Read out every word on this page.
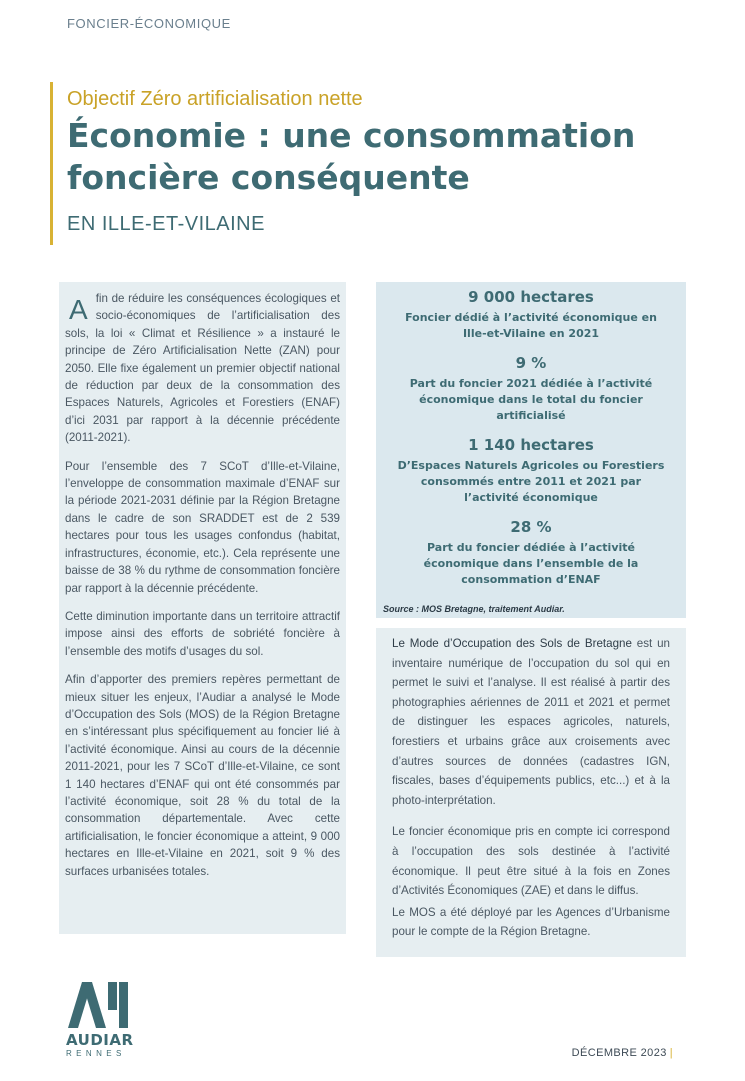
FONCIER-ÉCONOMIQUE
Objectif Zéro artificialisation nette
Économie : une consommation
foncière conséquente
EN ILLE-ET-VILAINE

Afin de réduire les conséquences écologiques et socio-économiques de l’artificialisation des sols, la loi « Climat et Résilience » a instauré le principe de Zéro Artificialisation Nette (ZAN) pour 2050. Elle fixe également un premier objectif national de réduction par deux de la consommation des Espaces Naturels, Agricoles et Forestiers (ENAF) d’ici 2031 par rapport à la décennie précédente (2011-2021).

Pour l’ensemble des 7 SCoT d’Ille-et-Vilaine, l’enveloppe de consommation maximale d’ENAF sur la période 2021-2031 définie par la Région Bretagne dans le cadre de son SRADDET est de 2 539 hectares pour tous les usages confondus (habitat, infrastructures, économie, etc.). Cela représente une baisse de 38 % du rythme de consommation foncière par rapport à la décennie précédente.

Cette diminution importante dans un territoire attractif impose ainsi des efforts de sobriété foncière à l’ensemble des motifs d’usages du sol.

Afin d’apporter des premiers repères permettant de mieux situer les enjeux, l’Audiar a analysé le Mode d’Occupation des Sols (MOS) de la Région Bretagne en s’intéressant plus spécifiquement au foncier lié à l’activité économique. Ainsi au cours de la décennie 2011-2021, pour les 7 SCoT d’Ille-et-Vilaine, ce sont 1 140 hectares d’ENAF qui ont été consommés par l’activité économique, soit 28 % du total de la consommation départementale. Avec cette artificialisation, le foncier économique a atteint, 9 000 hectares en Ille-et-Vilaine en 2021, soit 9 % des surfaces urbanisées totales.

9 000 hectares
Foncier dédié à l’activité économique en Ille-et-Vilaine en 2021
9 %
Part du foncier 2021 dédiée à l’activité économique dans le total du foncier artificialisé
1 140 hectares
D’Espaces Naturels Agricoles ou Forestiers consommés entre 2011 et 2021 par l’activité économique
28 %
Part du foncier dédiée à l’activité économique dans l’ensemble de la consommation d’ENAF
Source : MOS Bretagne, traitement Audiar.

Le Mode d’Occupation des Sols de Bretagne est un inventaire numérique de l’occupation du sol qui en permet le suivi et l’analyse. Il est réalisé à partir des photographies aériennes de 2011 et 2021 et permet de distinguer les espaces agricoles, naturels, forestiers et urbains grâce aux croisements avec d’autres sources de données (cadastres IGN, fiscales, bases d’équipements publics, etc...) et à la photo-interprétation.

Le foncier économique pris en compte ici correspond à l’occupation des sols destinée à l’activité économique. Il peut être situé à la fois en Zones d’Activités Économiques (ZAE) et dans le diffus.

Le MOS a été déployé par les Agences d’Urbanisme pour le compte de la Région Bretagne.

AUDIAR
RENNES	DÉCEMBRE 2023 |
